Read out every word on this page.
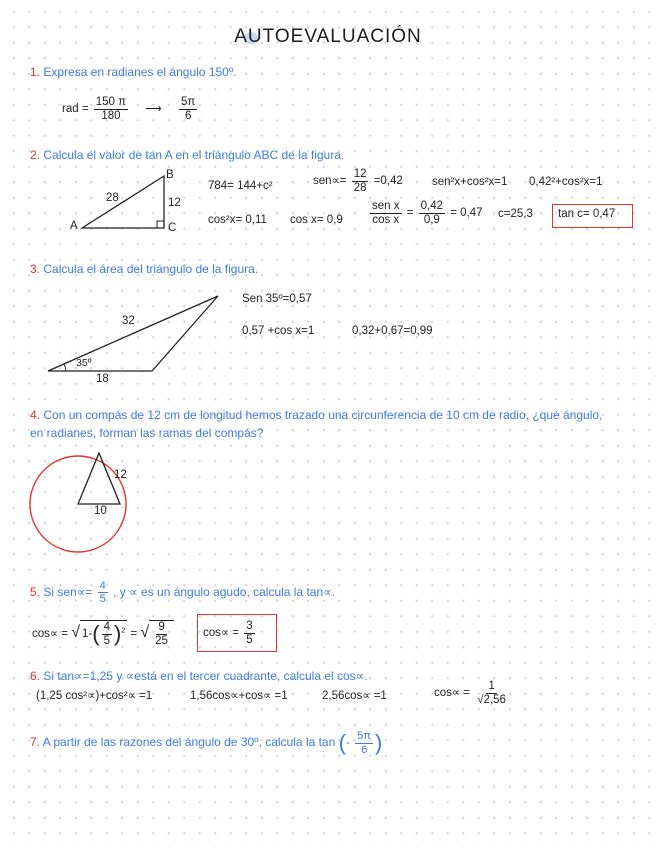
AUTOEVALUACIÓN
1. Expresa en radianes el ángulo 150º.
rad = $\frac{150 \pi}{180}$ ⟶ $\frac{5\pi}{6}$
2. Calcula el valor de tan A en el triángulo ABC de la figura.
A
B
C
28	12
784= 144+c²	$sen\propto= \frac{12}{28} =0,42$	sen²x+cos²x=1 0,42²+cos²x=1
cos²x= 0,11 $\cos x= 0,9 \frac{\text{sen x}}{\text{cos x}} = \frac{0,42}{0,9} = 0,47$ c=25,3 tan c= 0,47
3. Calcula el área del triángulo de la figura.
32
18
35º
Sen 35º=0,57
0,57 +cos x=1	0,32+0,67=0,99
4. Con un compás de 12 cm de longitud hemos trazado una circunferencia de 10 cm de radio, ¿qué ángulo,
en radianes, forman las ramas del compás?
12
10
5. Si $sen\propto= \frac{4}{5}$ , y ∝ es un ángulo agudo, calcula la tan∝.
cos∝ = √ $1-( \frac{4}{5} )^2$ = √ $\frac{9}{25}$	$\cos\propto = \frac{3}{5}$
6. Si tan∝=1,25 y ∝está en el tercer cuadrante, calcula el cos∝.
(1,25 cos²∝)+cos²∝ =1	1,56cos∝+cos∝ =1	2,56cos∝ =1	$\cos\propto = \frac{1}{√2,56}$
7. A partir de las razones del ángulo de 30º, calcula la tan (- $\frac{5\pi}{6}$ )
